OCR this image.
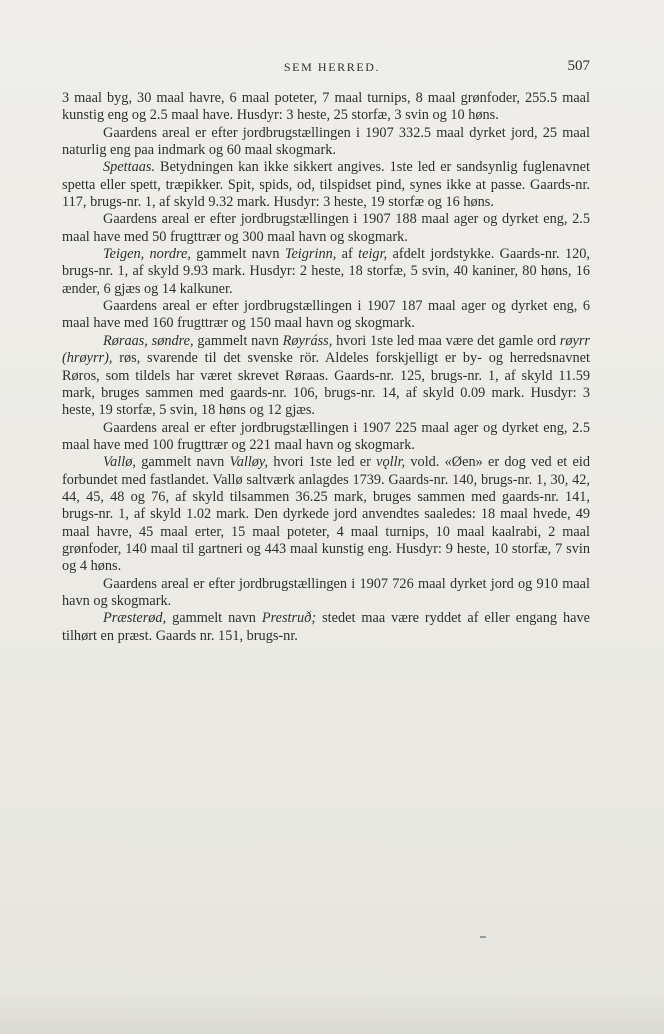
SEM HERRED.	507

3 maal byg, 30 maal havre, 6 maal poteter, 7 maal turnips, 8 maal grønfoder, 255.5 maal kunstig eng og 2.5 maal have. Husdyr: 3 heste, 25 storfæ, 3 svin og 10 høns.

Gaardens areal er efter jordbrugstællingen i 1907 332.5 maal dyrket jord, 25 maal naturlig eng paa indmark og 60 maal skogmark.

Spettaas. Betydningen kan ikke sikkert angives. 1ste led er sandsynlig fuglenavnet spetta eller spett, træpikker. Spit, spids, od, tilspidset pind, synes ikke at passe. Gaards-nr. 117, brugs-nr. 1, af skyld 9.32 mark. Husdyr: 3 heste, 19 storfæ og 16 høns.

Gaardens areal er efter jordbrugstællingen i 1907 188 maal ager og dyrket eng, 2.5 maal have med 50 frugttrær og 300 maal havn og skogmark.

Teigen, nordre, gammelt navn Teigrinn, af teigr, afdelt jordstykke. Gaards-nr. 120, brugs-nr. 1, af skyld 9.93 mark. Husdyr: 2 heste, 18 storfæ, 5 svin, 40 kaniner, 80 høns, 16 ænder, 6 gjæs og 14 kalkuner.

Gaardens areal er efter jordbrugstællingen i 1907 187 maal ager og dyrket eng, 6 maal have med 160 frugttrær og 150 maal havn og skogmark.

Røraas, søndre, gammelt navn Røyráss, hvori 1ste led maa være det gamle ord røyrr (hrøyrr), røs, svarende til det svenske rör. Aldeles forskjelligt er by- og herredsnavnet Røros, som tildels har været skrevet Røraas. Gaards-nr. 125, brugs-nr. 1, af skyld 11.59 mark, bruges sammen med gaards-nr. 106, brugs-nr. 14, af skyld 0.09 mark. Husdyr: 3 heste, 19 storfæ, 5 svin, 18 høns og 12 gjæs.

Gaardens areal er efter jordbrugstællingen i 1907 225 maal ager og dyrket eng, 2.5 maal have med 100 frugttrær og 221 maal havn og skogmark.

Vallø, gammelt navn Valløy, hvori 1ste led er vǫllr, vold. «Øen» er dog ved et eid forbundet med fastlandet. Vallø saltværk anlagdes 1739. Gaards-nr. 140, brugs-nr. 1, 30, 42, 44, 45, 48 og 76, af skyld tilsammen 36.25 mark, bruges sammen med gaards-nr. 141, brugs-nr. 1, af skyld 1.02 mark. Den dyrkede jord anvendtes saaledes: 18 maal hvede, 49 maal havre, 45 maal erter, 15 maal poteter, 4 maal turnips, 10 maal kaalrabi, 2 maal grønfoder, 140 maal til gartneri og 443 maal kunstig eng. Husdyr: 9 heste, 10 storfæ, 7 svin og 4 høns.

Gaardens areal er efter jordbrugstællingen i 1907 726 maal dyrket jord og 910 maal havn og skogmark.

Præsterød, gammelt navn Prestruð; stedet maa være ryddet af eller engang have tilhørt en præst. Gaards nr. 151, brugs-nr.
